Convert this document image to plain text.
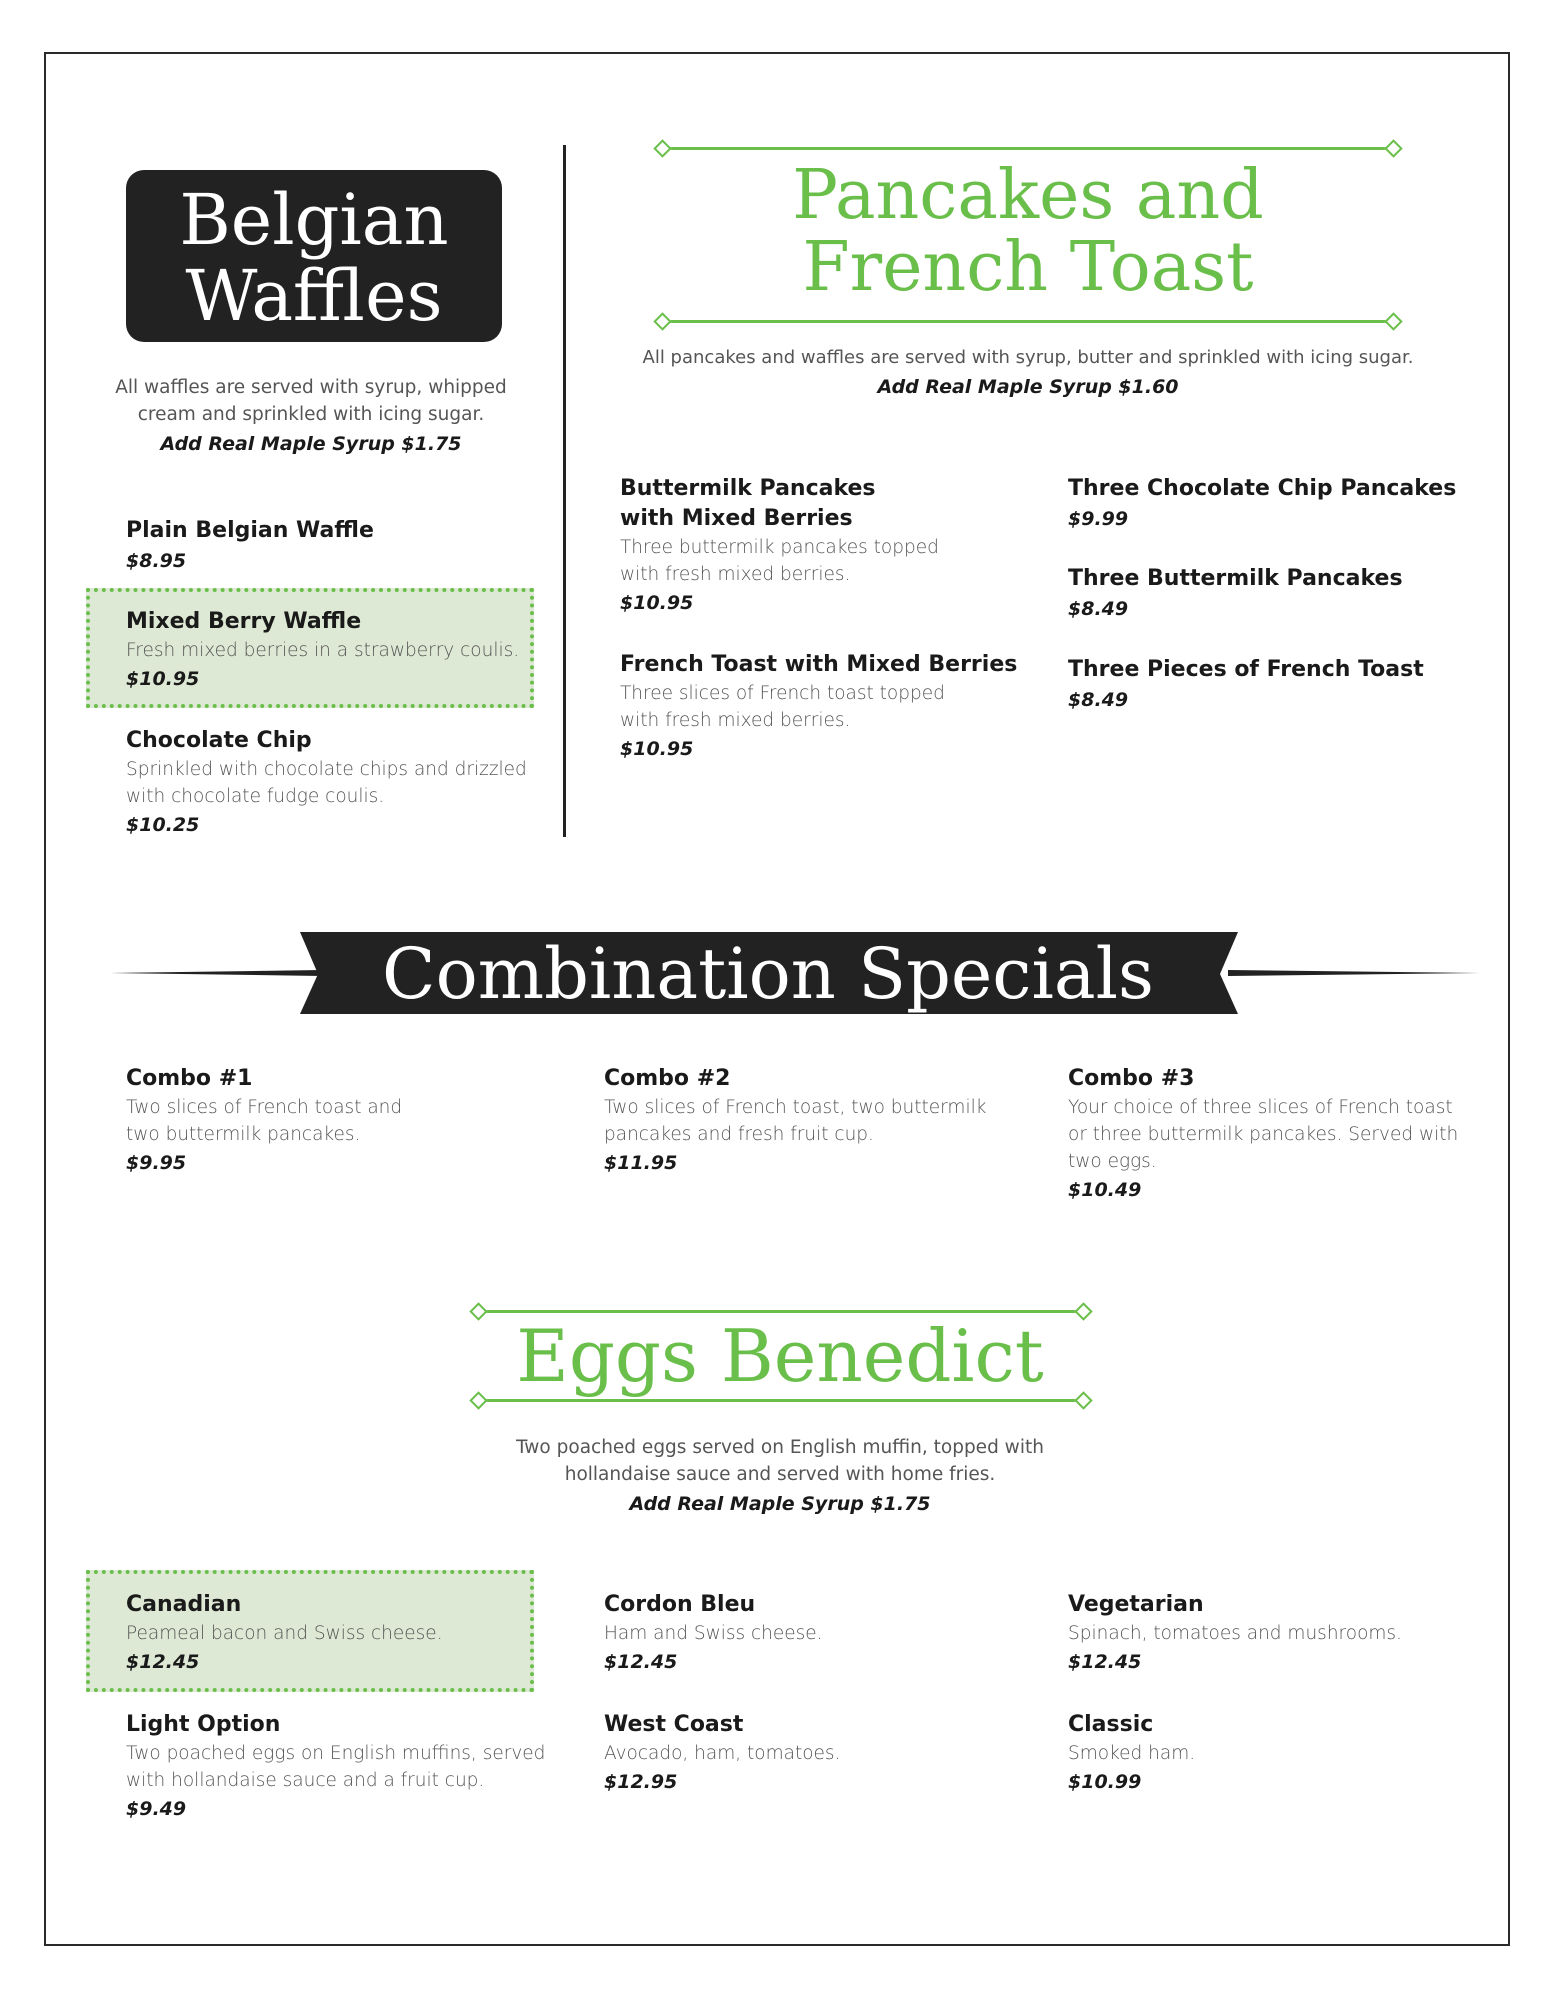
Belgian
Waffles
All waffles are served with syrup, whipped
cream and sprinkled with icing sugar.
Add Real Maple Syrup $1.75
Plain Belgian Waffle
$8.95
Mixed Berry Waffle
Fresh mixed berries in a strawberry coulis.
$10.95
Chocolate Chip
Sprinkled with chocolate chips and drizzled
with chocolate fudge coulis.
$10.25
Pancakes and
French Toast
All pancakes and waffles are served with syrup, butter and sprinkled with icing sugar.
Add Real Maple Syrup $1.60
Buttermilk Pancakes
with Mixed Berries
Three buttermilk pancakes topped
with fresh mixed berries.
$10.95
French Toast with Mixed Berries
Three slices of French toast topped
with fresh mixed berries.
$10.95
Three Chocolate Chip Pancakes
$9.99
Three Buttermilk Pancakes
$8.49
Three Pieces of French Toast
$8.49
Combination Specials
Combo #1
Two slices of French toast and
two buttermilk pancakes.
$9.95
Combo #2
Two slices of French toast, two buttermilk
pancakes and fresh fruit cup.
$11.95
Combo #3
Your choice of three slices of French toast
or three buttermilk pancakes. Served with
two eggs.
$10.49
Eggs Benedict
Two poached eggs served on English muffin, topped with
hollandaise sauce and served with home fries.
Add Real Maple Syrup $1.75
Canadian
Peameal bacon and Swiss cheese.
$12.45
Light Option
Two poached eggs on English muffins, served
with hollandaise sauce and a fruit cup.
$9.49
Cordon Bleu
Ham and Swiss cheese.
$12.45
West Coast
Avocado, ham, tomatoes.
$12.95
Vegetarian
Spinach, tomatoes and mushrooms.
$12.45
Classic
Smoked ham.
$10.99
